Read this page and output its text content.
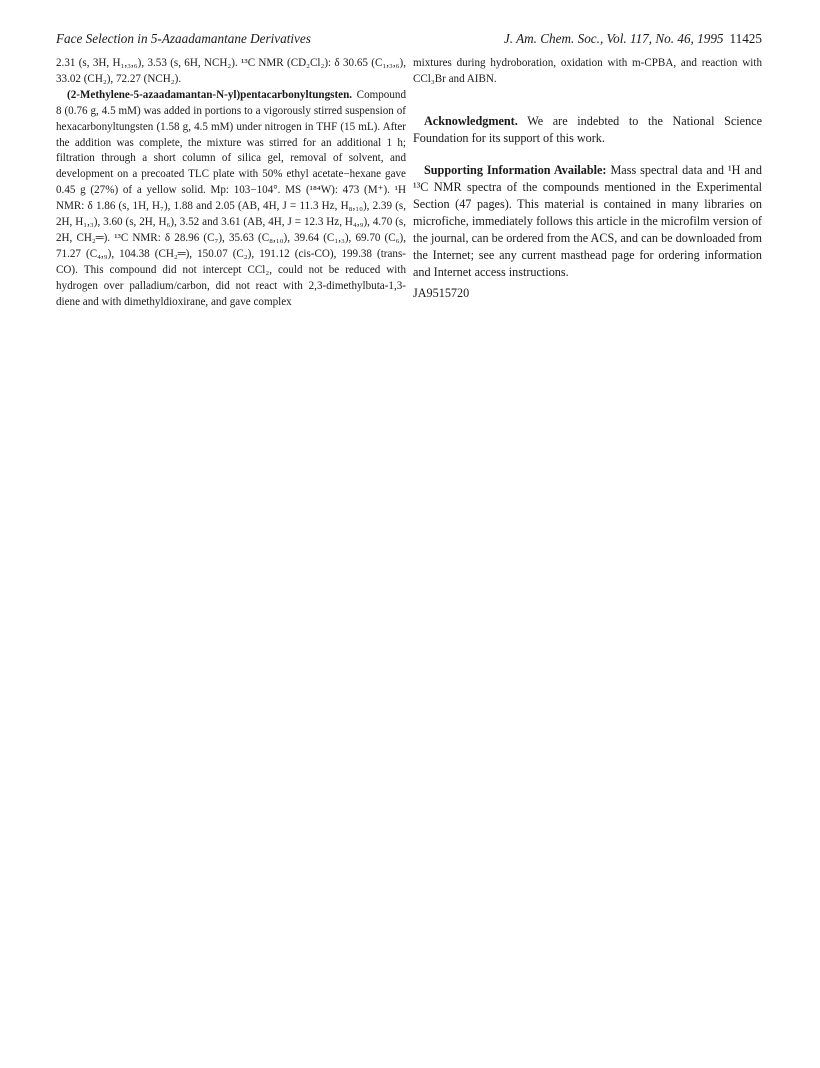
Face Selection in 5-Azaadamantane Derivatives	J. Am. Chem. Soc., Vol. 117, No. 46, 1995 11425

2.31 (s, 3H, H₁,₃,₆), 3.53 (s, 6H, NCH₂). ¹³C NMR (CD₂Cl₂): δ 30.65 (C₁,₃,₆), 33.02 (CH₂), 72.27 (NCH₂).

(2-Methylene-5-azaadamantan-N-yl)pentacarbonyltungsten. Compound 8 (0.76 g, 4.5 mM) was added in portions to a vigorously stirred suspension of hexacarbonyltungsten (1.58 g, 4.5 mM) under nitrogen in THF (15 mL). After the addition was complete, the mixture was stirred for an additional 1 h; filtration through a short column of silica gel, removal of solvent, and development on a precoated TLC plate with 50% ethyl acetate−hexane gave 0.45 g (27%) of a yellow solid. Mp: 103−104°. MS (¹⁸⁴W): 473 (M⁺). ¹H NMR: δ 1.86 (s, 1H, H₇), 1.88 and 2.05 (AB, 4H, J = 11.3 Hz, H₈,₁₀), 2.39 (s, 2H, H₁,₃), 3.60 (s, 2H, H₆), 3.52 and 3.61 (AB, 4H, J = 12.3 Hz, H₄,₉), 4.70 (s, 2H, CH₂═). ¹³C NMR: δ 28.96 (C₇), 35.63 (C₈,₁₀), 39.64 (C₁,₃), 69.70 (C₆), 71.27 (C₄,₉), 104.38 (CH₂═), 150.07 (C₂), 191.12 (cis-CO), 199.38 (trans-CO). This compound did not intercept CCl₂, could not be reduced with hydrogen over palladium/carbon, did not react with 2,3-dimethylbuta-1,3-diene and with dimethyldioxirane, and gave complex

mixtures during hydroboration, oxidation with m-CPBA, and reaction with CCl₃Br and AIBN.

Acknowledgment. We are indebted to the National Science Foundation for its support of this work.

Supporting Information Available: Mass spectral data and ¹H and ¹³C NMR spectra of the compounds mentioned in the Experimental Section (47 pages). This material is contained in many libraries on microfiche, immediately follows this article in the microfilm version of the journal, can be ordered from the ACS, and can be downloaded from the Internet; see any current masthead page for ordering information and Internet access instructions.

JA9515720
